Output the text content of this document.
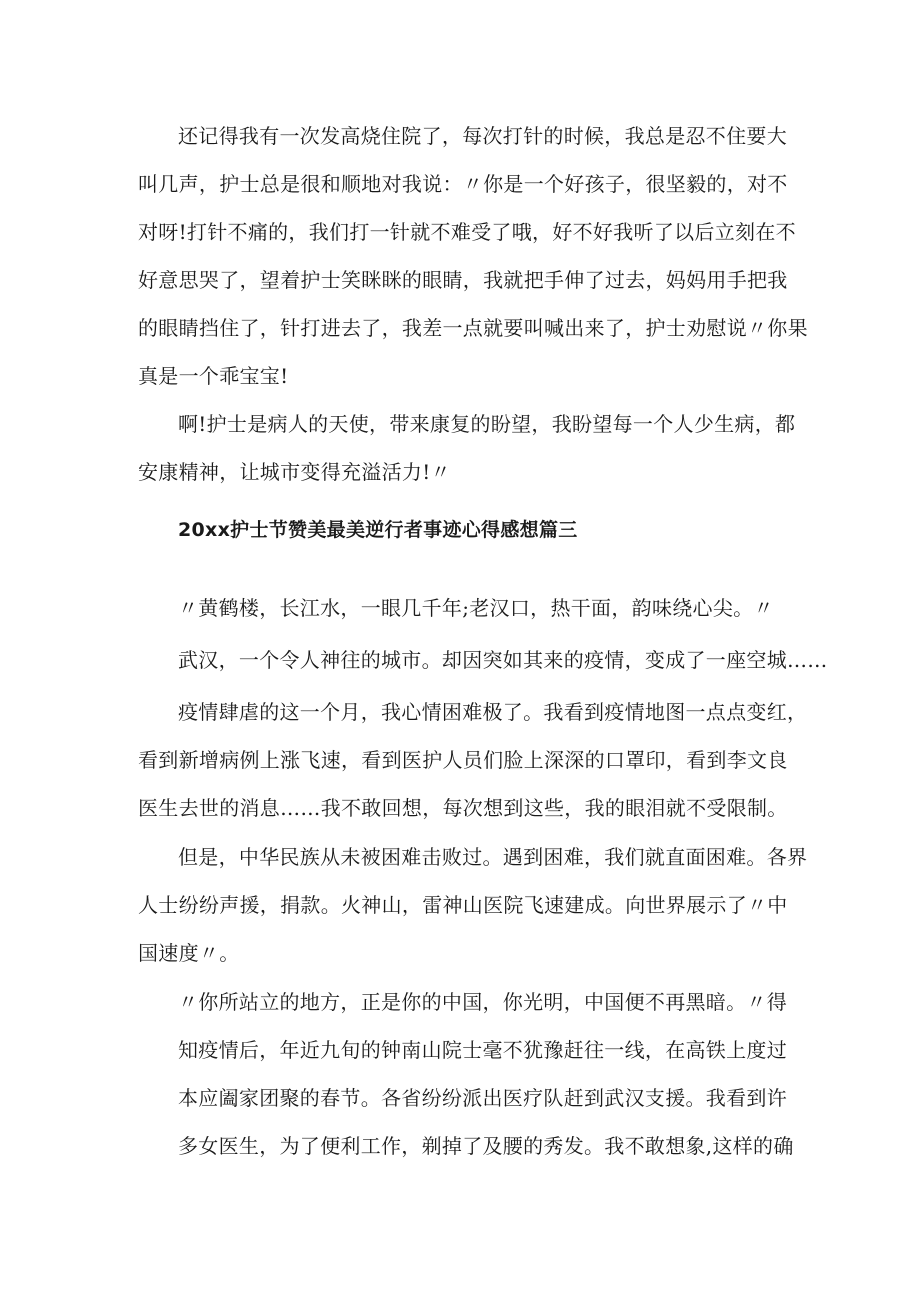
还记得我有一次发高烧住院了，每次打针的时候，我总是忍不住要大
叫几声，护士总是很和顺地对我说：〃你是一个好孩子，很坚毅的，对不
对呀!打针不痛的，我们打一针就不难受了哦，好不好我听了以后立刻在不
好意思哭了，望着护士笑眯眯的眼睛，我就把手伸了过去，妈妈用手把我
的眼睛挡住了，针打进去了，我差一点就要叫喊出来了，护士劝慰说〃你果
真是一个乖宝宝!
啊!护士是病人的天使，带来康复的盼望，我盼望每一个人少生病，都
安康精神，让城市变得充溢活力!〃
20xx护士节赞美最美逆行者事迹心得感想篇三
〃黄鹤楼，长江水，一眼几千年;老汉口，热干面，韵味绕心尖。〃
武汉，一个令人神往的城市。却因突如其来的疫情，变成了一座空城……
疫情肆虐的这一个月，我心情困难极了。我看到疫情地图一点点变红，
看到新增病例上涨飞速，看到医护人员们脸上深深的口罩印，看到李文良
医生去世的消息……我不敢回想，每次想到这些，我的眼泪就不受限制。
但是，中华民族从未被困难击败过。遇到困难，我们就直面困难。各界
人士纷纷声援，捐款。火神山，雷神山医院飞速建成。向世界展示了〃中
国速度〃。
〃你所站立的地方，正是你的中国，你光明，中国便不再黑暗。〃得
知疫情后，年近九旬的钟南山院士毫不犹豫赶往一线，在高铁上度过
本应阖家团聚的春节。各省纷纷派出医疗队赶到武汉支援。我看到许
多女医生，为了便利工作，剃掉了及腰的秀发。我不敢想象,这样的确
